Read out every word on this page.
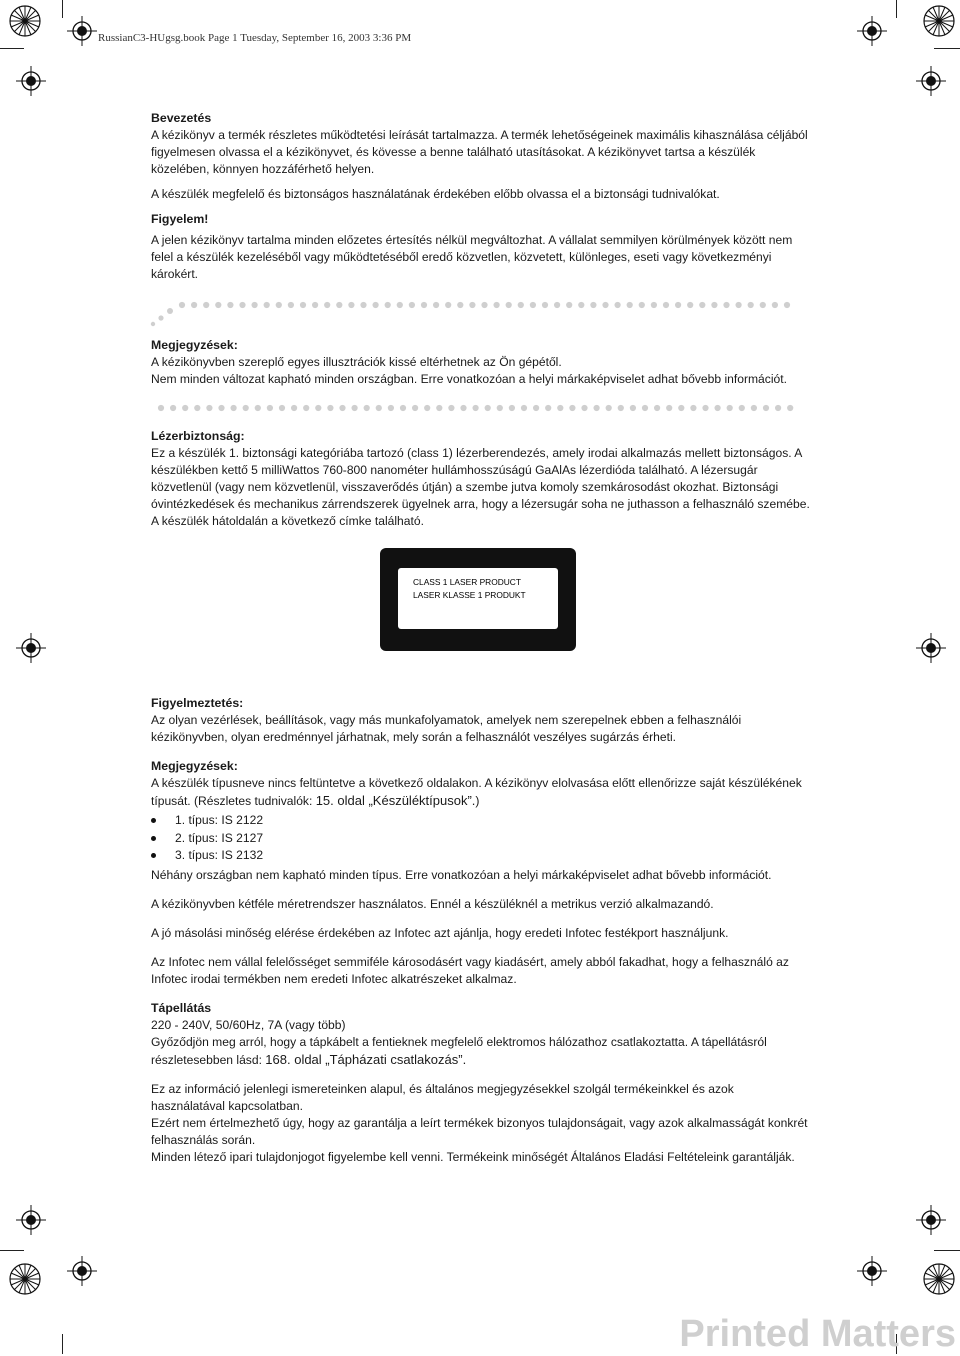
RussianC3-HUgsg.book Page 1 Tuesday, September 16, 2003 3:36 PM

Bevezetés

A kézikönyv a termék részletes működtetési leírását tartalmazza. A termék lehetőségeinek maximális kihasználása céljából figyelmesen olvassa el a kézikönyvet, és kövesse a benne található utasításokat. A kézikönyvet tartsa a készülék közelében, könnyen hozzáférhető helyen.

A készülék megfelelő és biztonságos használatának érdekében előbb olvassa el a biztonsági tudnivalókat.

Figyelem!

A jelen kézikönyv tartalma minden előzetes értesítés nélkül megváltozhat. A vállalat semmilyen körülmények között nem felel a készülék kezeléséből vagy működtetéséből eredő közvetlen, közvetett, különleges, eseti vagy következményi károkért.

Megjegyzések:

A kézikönyvben szereplő egyes illusztrációk kissé eltérhetnek az Ön gépétől.

Nem minden változat kapható minden országban. Erre vonatkozóan a helyi márkaképviselet adhat bővebb információt.

Lézerbiztonság:

Ez a készülék 1. biztonsági kategóriába tartozó (class 1) lézerberendezés, amely irodai alkalmazás mellett biztonságos. A készülékben kettő 5 milliWattos 760-800 nanométer hullámhosszúságú GaAlAs lézerdióda található. A lézersugár közvetlenül (vagy nem közvetlenül, visszaverődés útján) a szembe jutva komoly szemkárosodást okozhat. Biztonsági óvintézkedések és mechanikus zárrendszerek ügyelnek arra, hogy a lézersugár soha ne juthasson a felhasználó szemébe.

A készülék hátoldalán a következő címke található.

CLASS 1 LASER PRODUCT
LASER KLASSE 1 PRODUKT

Figyelmeztetés:

Az olyan vezérlések, beállítások, vagy más munkafolyamatok, amelyek nem szerepelnek ebben a felhasználói kézikönyvben, olyan eredménnyel járhatnak, mely során a felhasználót veszélyes sugárzás érheti.

Megjegyzések:

A készülék típusneve nincs feltüntetve a következő oldalakon. A kézikönyv elolvasása előtt ellenőrizze saját készülékének típusát. (Részletes tudnivalók: 15. oldal „Készüléktípusok”.)

1. típus: IS 2122
2. típus: IS 2127
3. típus: IS 2132

Néhány országban nem kapható minden típus. Erre vonatkozóan a helyi márkaképviselet adhat bővebb információt.

A kézikönyvben kétféle méretrendszer használatos. Ennél a készüléknél a metrikus verzió alkalmazandó.

A jó másolási minőség elérése érdekében az Infotec azt ajánlja, hogy eredeti Infotec festékport használjunk.

Az Infotec nem vállal felelősséget semmiféle károsodásért vagy kiadásért, amely abból fakadhat, hogy a felhasználó az Infotec irodai termékben nem eredeti Infotec alkatrészeket alkalmaz.

Tápellátás

220 - 240V, 50/60Hz, 7A (vagy több)

Győződjön meg arról, hogy a tápkábelt a fentieknek megfelelő elektromos hálózathoz csatlakoztatta. A tápellátásról részletesebben lásd: 168. oldal „Tápházati csatlakozás”.

Ez az információ jelenlegi ismereteinken alapul, és általános megjegyzésekkel szolgál termékeinkkel és azok használatával kapcsolatban.

Ezért nem értelmezhető úgy, hogy az garantálja a leírt termékek bizonyos tulajdonságait, vagy azok alkalmasságát konkrét felhasználás során.

Minden létező ipari tulajdonjogot figyelembe kell venni. Termékeink minőségét Általános Eladási Feltételeink garantálják.

Printed Matters
